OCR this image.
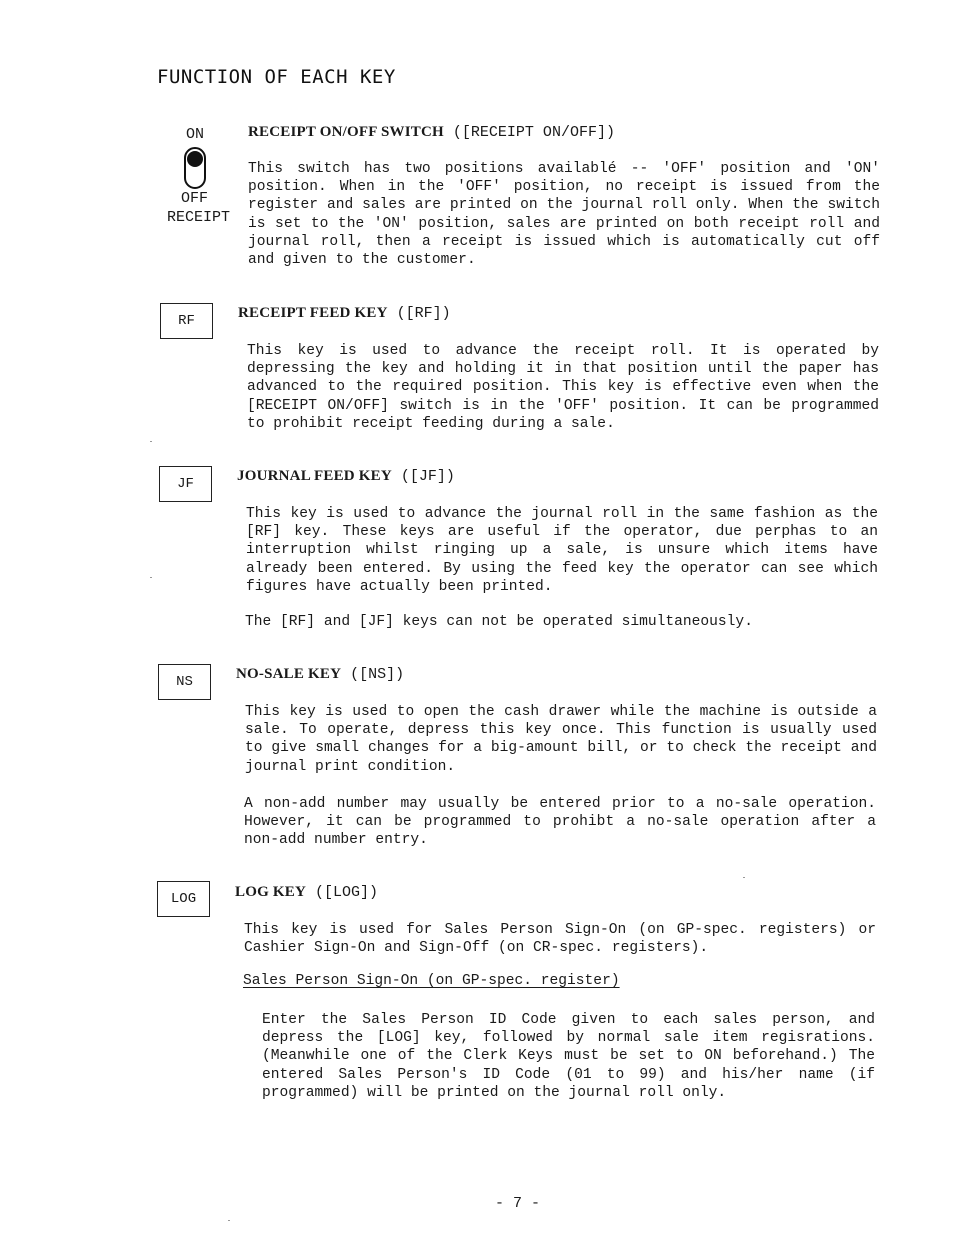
FUNCTION OF EACH KEY
ON
OFF
RECEIPT
RECEIPT ON/OFF SWITCH ([RECEIPT ON/OFF])
This switch has two positions availablé -- 'OFF' position and 'ON' position. When in the 'OFF' position, no receipt is issued from the register and sales are printed on the journal roll only. When the switch is set to the 'ON' position, sales are printed on both receipt roll and journal roll, then a receipt is issued which is automatically cut off and given to the customer.
RF	RECEIPT FEED KEY ([RF])
This key is used to advance the receipt roll. It is operated by depressing the key and holding it in that position until the paper has advanced to the required position. This key is effective even when the [RECEIPT ON/OFF] switch is in the 'OFF' position. It can be programmed to prohibit receipt feeding during a sale.
JF	JOURNAL FEED KEY ([JF])
This key is used to advance the journal roll in the same fashion as the [RF] key. These keys are useful if the operator, due perphas to an interruption whilst ringing up a sale, is unsure which items have already been entered. By using the feed key the operator can see which figures have actually been printed.
The [RF] and [JF] keys can not be operated simultaneously.
NS	NO-SALE KEY ([NS])
This key is used to open the cash drawer while the machine is outside a sale. To operate, depress this key once. This function is usually used to give small changes for a big-amount bill, or to check the receipt and journal print condition.
A non-add number may usually be entered prior to a no-sale operation. However, it can be programmed to prohibt a no-sale operation after a non-add number entry.
LOG	LOG KEY ([LOG])
This key is used for Sales Person Sign-On (on GP-spec. registers) or Cashier Sign-On and Sign-Off (on CR-spec. registers).
Sales Person Sign-On (on GP-spec. register)
Enter the Sales Person ID Code given to each sales person, and depress the [LOG] key, followed by normal sale item regisrations. (Meanwhile one of the Clerk Keys must be set to ON beforehand.) The entered Sales Person's ID Code (01 to 99) and his/her name (if programmed) will be printed on the journal roll only.
- 7 -
